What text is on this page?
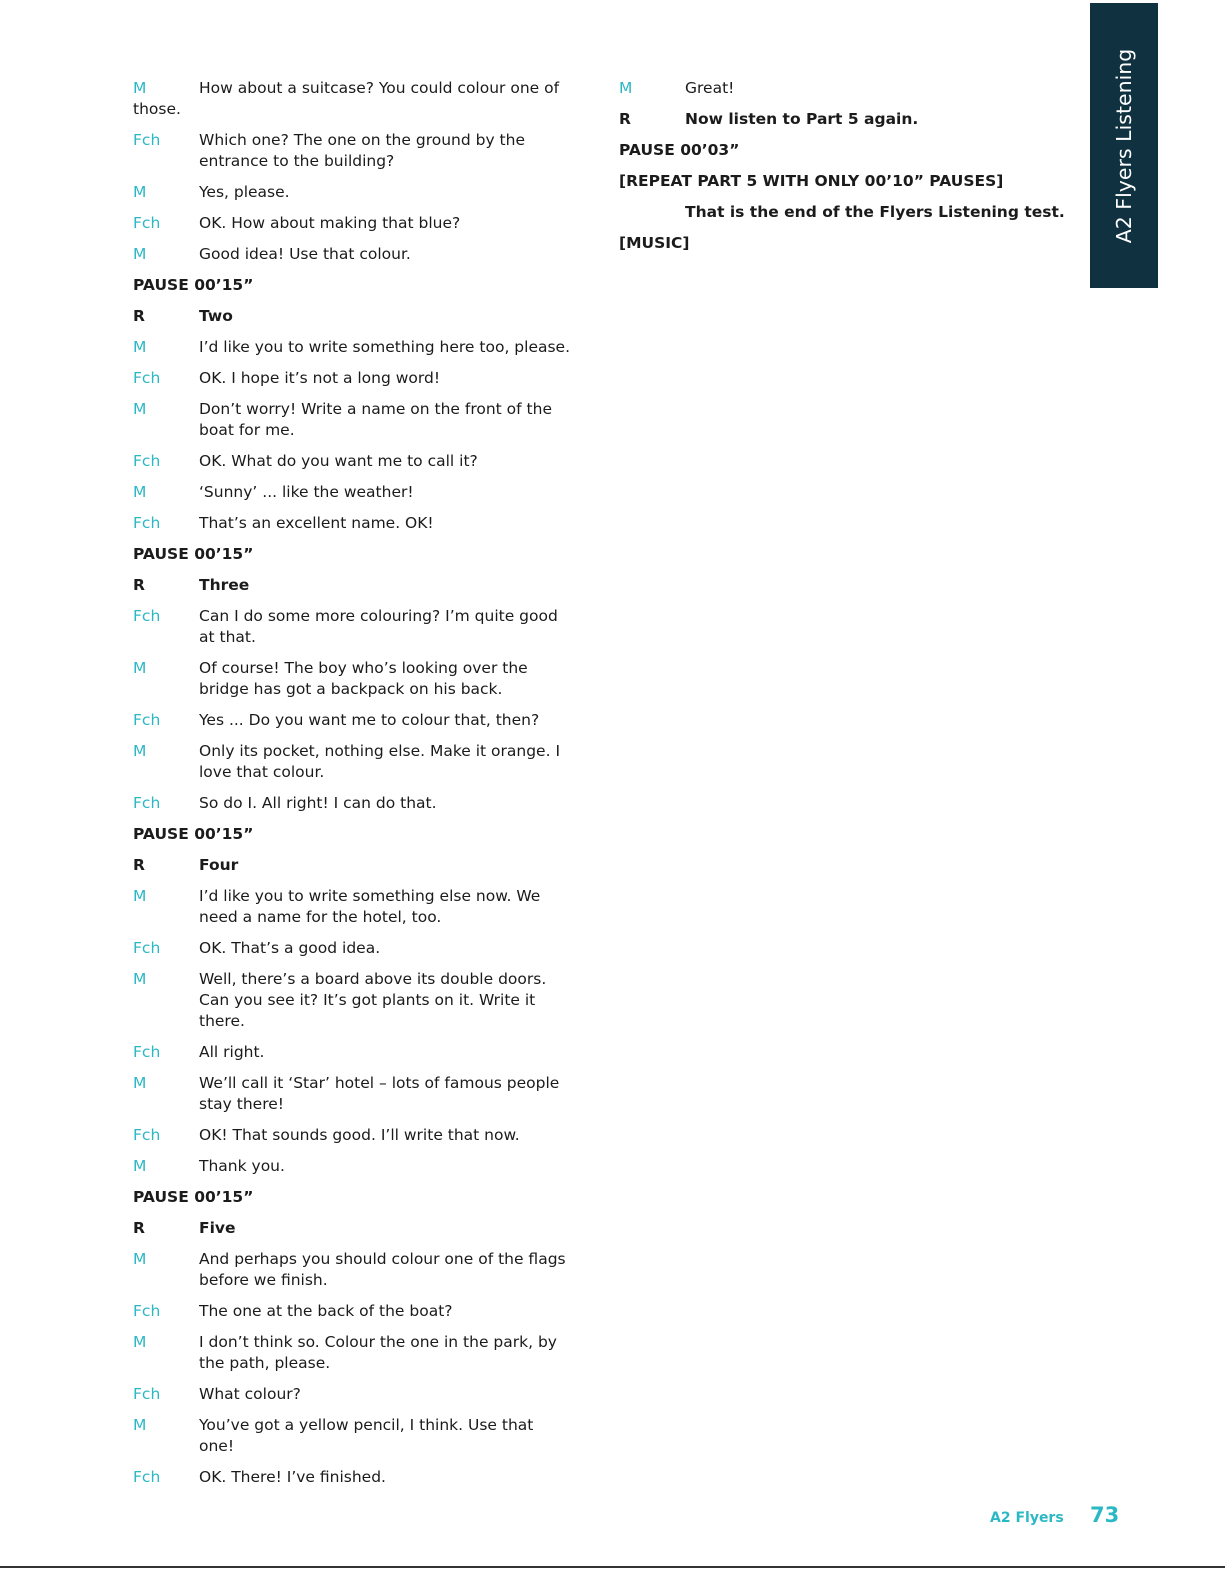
M	How about a suitcase? You could colour one of those.
Fch Which one? The one on the ground by the entrance to the building?
M	Yes, please.
Fch OK. How about making that blue?
M	Good idea! Use that colour.
PAUSE 00’15”
R	Two
M	I’d like you to write something here too, please.
Fch OK. I hope it’s not a long word!
M	Don’t worry! Write a name on the front of the boat for me.
Fch OK. What do you want me to call it?
M	‘Sunny’ ... like the weather!
Fch That’s an excellent name. OK!
PAUSE 00’15”
R	Three
Fch Can I do some more colouring? I’m quite good at that.
M	Of course! The boy who’s looking over the bridge has got a backpack on his back.
Fch Yes ... Do you want me to colour that, then?
M	Only its pocket, nothing else. Make it orange. I love that colour.
Fch So do I. All right! I can do that.
PAUSE 00’15”
R	Four
M	I’d like you to write something else now. We need a name for the hotel, too.
Fch OK. That’s a good idea.
M	Well, there’s a board above its double doors. Can you see it? It’s got plants on it. Write it there.
Fch All right.
M	We’ll call it ‘Star’ hotel – lots of famous people stay there!
Fch OK! That sounds good. I’ll write that now.
M	Thank you.
PAUSE 00’15”
R	Five
M	And perhaps you should colour one of the flags before we finish.
Fch The one at the back of the boat?
M	I don’t think so. Colour the one in the park, by the path, please.
Fch What colour?
M	You’ve got a yellow pencil, I think. Use that one!
Fch OK. There! I’ve finished.
M	Great!
R	Now listen to Part 5 again.
PAUSE 00’03”
[REPEAT PART 5 WITH ONLY 00’10” PAUSES]
That is the end of the Flyers Listening test.
[MUSIC]
A2 Flyers Listening
A2 Flyers 73
